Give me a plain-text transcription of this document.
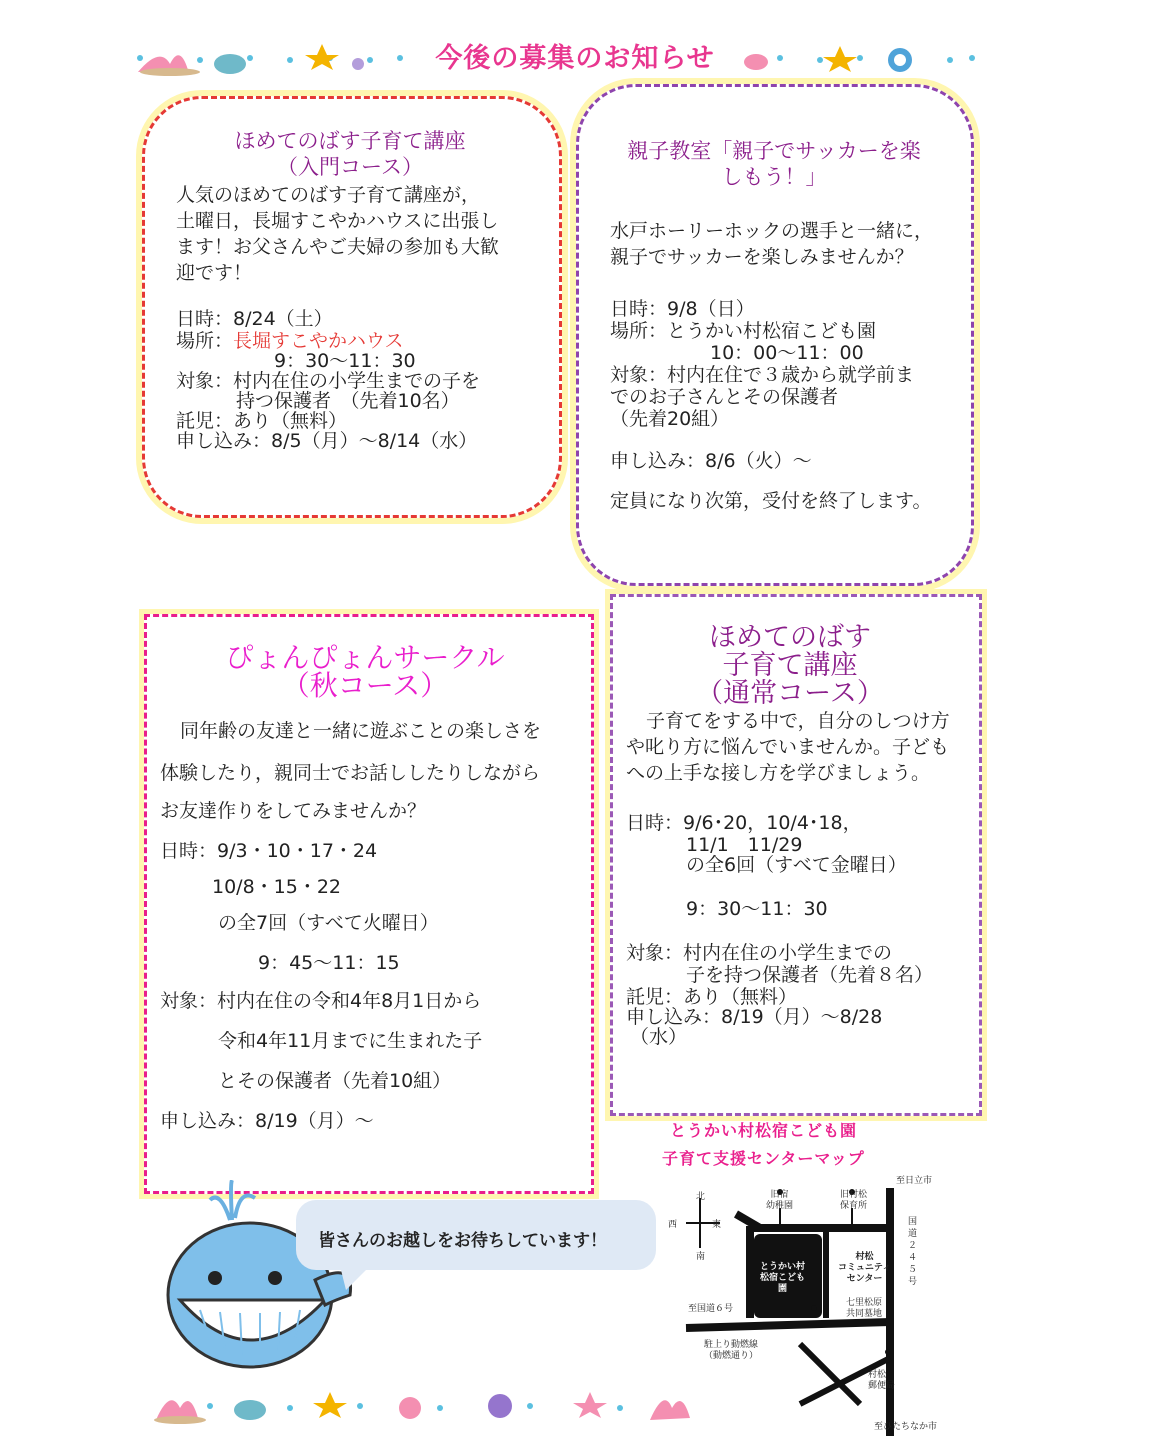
今後の募集のお知らせ
ほめてのばす子育て講座
（入門コース）
人気のほめてのばす子育て講座が，
土曜日，長堀すこやかハウスに出張し
ます！お父さんやご夫婦の参加も大歓
迎です！
日時：8/24（土）
場所：長堀すこやかハウス
9：30～11：30
対象：村内在住の小学生までの子を
持つ保護者　（先着10名）
託児：あり（無料）
申し込み：8/5（月）～8/14（水）
親子教室「親子でサッカーを楽
しもう！」
水戸ホーリーホックの選手と一緒に，
親子でサッカーを楽しみませんか？
日時：9/8（日）
場所：とうかい村松宿こども園
10：00～11：00
対象：村内在住で３歳から就学前ま
でのお子さんとその保護者
（先着20組）
申し込み：8/6（火）～
定員になり次第，受付を終了します。
ぴょんぴょんサークル
（秋コース）
同年齢の友達と一緒に遊ぶことの楽しさを
体験したり，親同士でお話ししたりしながら
お友達作りをしてみませんか？
日時：9/3・10・17・24
10/8・15・22
の全7回（すべて火曜日）
9：45～11：15
対象：村内在住の令和4年8月1日から
令和4年11月までに生まれた子
とその保護者（先着10組）
申し込み：8/19（月）～
ほめてのばす
子育て講座
（通常コース）
子育てをする中で，自分のしつけ方
や叱り方に悩んでいませんか。子ども
への上手な接し方を学びましょう。
日時：9/6･20，10/4･18，
11/1　11/29
の全6回（すべて金曜日）
9：30～11：30
対象：村内在住の小学生までの
子を持つ保護者（先着８名）
託児：あり（無料）
申し込み：8/19（月）～8/28
（水）
とうかい村松宿こども園
子育て支援センターマップ
皆さんのお越しをお待ちしています！
北
南
西	東
至日立市
旧宿
幼稚園
旧村松
保育所
国道２４５号
とうかい村
松宿こども
園
村松
コミュニティ
センター
至国道６号
七里松原
共同墓地
駐上り動燃線
（動燃通り）
村松
郵便局
至ひたちなか市
